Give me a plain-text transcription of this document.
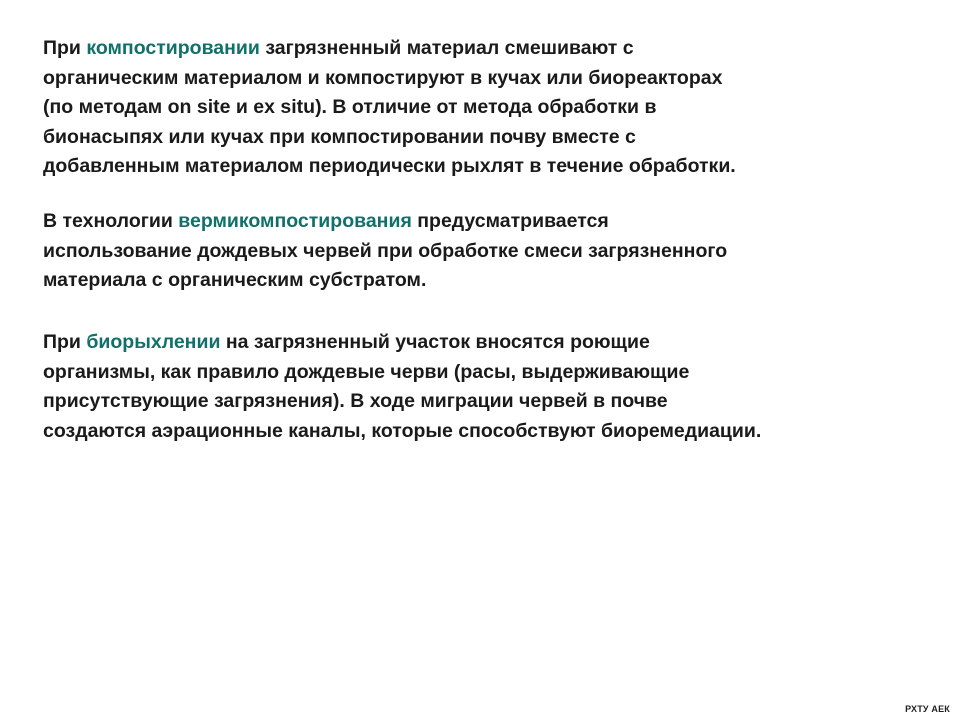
При компостировании загрязненный материал смешивают с
органическим материалом и компостируют в кучах или биореакторах
(по методам on site и ex situ). В отличие от метода обработки в
бионасыпях или кучах при компостировании почву вместе с
добавленным материалом периодически рыхлят в течение обработки.

В технологии вермикомпостирования предусматривается
использование дождевых червей при обработке смеси загрязненного
материала с органическим субстратом.

При биорыхлении на загрязненный участок вносятся роющие
организмы, как правило дождевые черви (расы, выдерживающие
присутствующие загрязнения). В ходе миграции червей в почве
создаются аэрационные каналы, которые способствуют биоремедиации.

РХТУ АЕК
